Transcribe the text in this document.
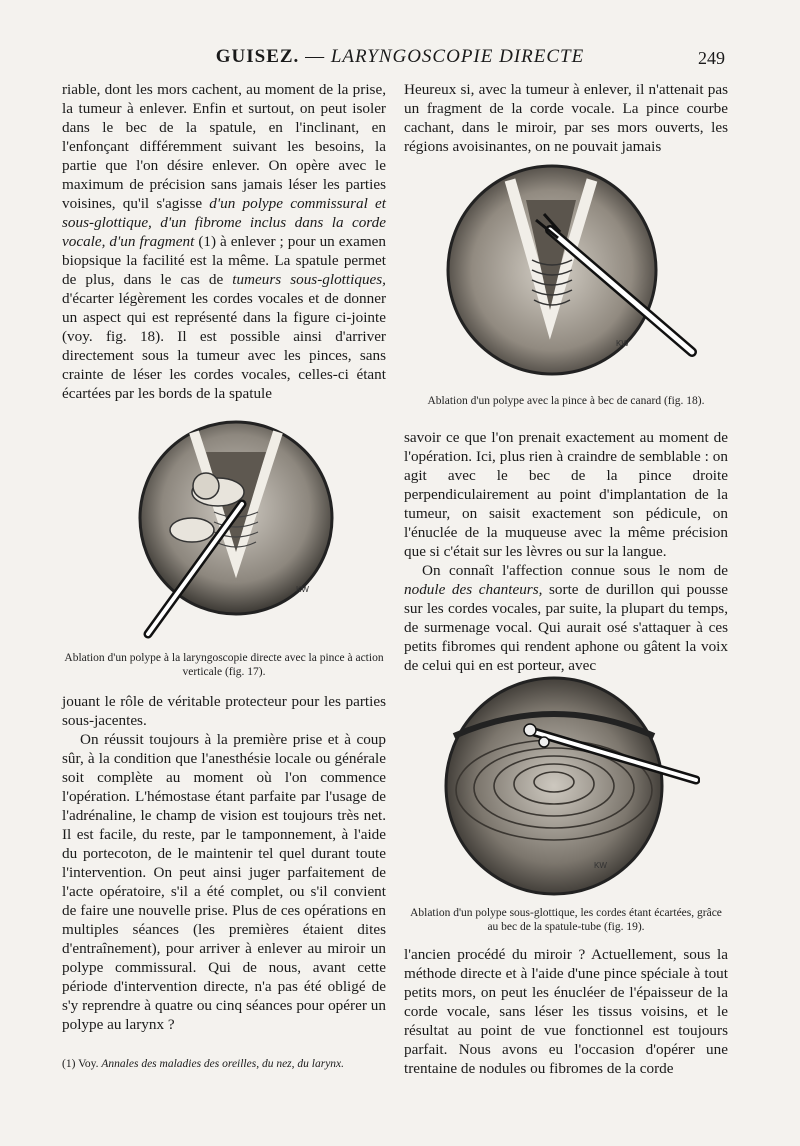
GUISEZ. — LARYNGOSCOPIE DIRECTE	249

riable, dont les mors cachent, au moment de la prise, la tumeur à enlever. Enfin et surtout, on peut isoler dans le bec de la spatule, en l'inclinant, en l'enfonçant différemment suivant les besoins, la partie que l'on désire enlever. On opère avec le maximum de précision sans jamais léser les parties voisines, qu'il s'agisse d'un polype commissural et sous-glottique, d'un fibrome inclus dans la corde vocale, d'un fragment (1) à enlever ; pour un examen biopsique la facilité est la même. La spatule permet de plus, dans le cas de tumeurs sous-glottiques, d'écarter légèrement les cordes vocales et de donner un aspect qui est représenté dans la figure ci-jointe (voy. fig. 18). Il est possible ainsi d'arriver directement sous la tumeur avec les pinces, sans crainte de léser les cordes vocales, celles-ci étant écartées par les bords de la spatule

KW
Ablation d'un polype à la laryngoscopie directe avec la pince à action verticale (fig. 17).

jouant le rôle de véritable protecteur pour les parties sous-jacentes.

On réussit toujours à la première prise et à coup sûr, à la condition que l'anesthésie locale ou générale soit complète au moment où l'on commence l'opération. L'hémostase étant parfaite par l'usage de l'adrénaline, le champ de vision est toujours très net. Il est facile, du reste, par le tamponnement, à l'aide du portecoton, de le maintenir tel quel durant toute l'intervention. On peut ainsi juger parfaitement de l'acte opératoire, s'il a été complet, ou s'il convient de faire une nouvelle prise. Plus de ces opérations en multiples séances (les premières étaient dites d'entraînement), pour arriver à enlever au miroir un polype commissural. Qui de nous, avant cette période d'intervention directe, n'a pas été obligé de s'y reprendre à quatre ou cinq séances pour opérer un polype au larynx ?

(1) Voy. Annales des maladies des oreilles, du nez, du larynx.
Heureux si, avec la tumeur à enlever, il n'attenait pas un fragment de la corde vocale. La pince courbe cachant, dans le miroir, par ses mors ouverts, les régions avoisinantes, on ne pouvait jamais
KW
Ablation d'un polype avec la pince à bec de canard (fig. 18).

savoir ce que l'on prenait exactement au moment de l'opération. Ici, plus rien à craindre de semblable : on agit avec le bec de la pince droite perpendiculairement au point d'implantation de la tumeur, on saisit exactement son pédicule, on l'énuclée de la muqueuse avec la même précision que si c'était sur les lèvres ou sur la langue.

On connaît l'affection connue sous le nom de nodule des chanteurs, sorte de durillon qui pousse sur les cordes vocales, par suite, la plupart du temps, de surmenage vocal. Qui aurait osé s'attaquer à ces petits fibromes qui rendent aphone ou gâtent la voix de celui qui en est porteur, avec

KW
Ablation d'un polype sous-glottique, les cordes étant écartées, grâce au bec de la spatule-tube (fig. 19).
l'ancien procédé du miroir ? Actuellement, sous la méthode directe et à l'aide d'une pince spéciale à tout petits mors, on peut les énucléer de l'épaisseur de la corde vocale, sans léser les tissus voisins, et le résultat au point de vue fonctionnel est toujours parfait. Nous avons eu l'occasion d'opérer une trentaine de nodules ou fibromes de la corde
